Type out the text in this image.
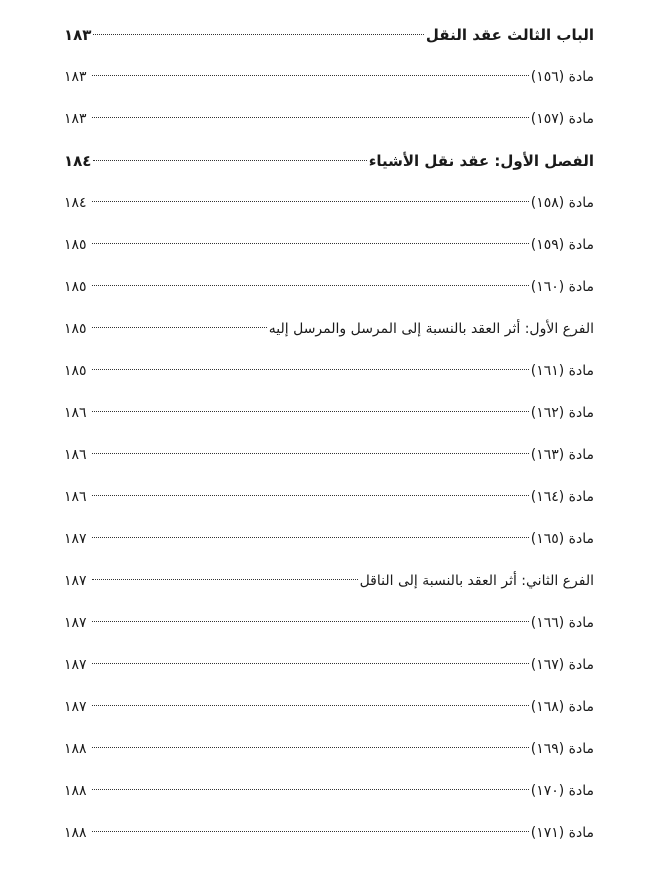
الباب الثالث عقد النقل
١٨٣
مادة (١٥٦)
١٨٣
مادة (١٥٧)
١٨٣
الفصل الأول: عقد نقل الأشياء
١٨٤
مادة (١٥٨)
١٨٤
مادة (١٥٩)
١٨٥
مادة (١٦٠)
١٨٥
الفرع الأول: أثر العقد بالنسبة إلى المرسل والمرسل إليه
١٨٥
مادة (١٦١)
١٨٥
مادة (١٦٢)
١٨٦
مادة (١٦٣)
١٨٦
مادة (١٦٤)
١٨٦
مادة (١٦٥)
١٨٧
الفرع الثاني: أثر العقد بالنسبة إلى الناقل
١٨٧
مادة (١٦٦)
١٨٧
مادة (١٦٧)
١٨٧
مادة (١٦٨)
١٨٧
مادة (١٦٩)
١٨٨
مادة (١٧٠)
١٨٨
مادة (١٧١)
١٨٨
